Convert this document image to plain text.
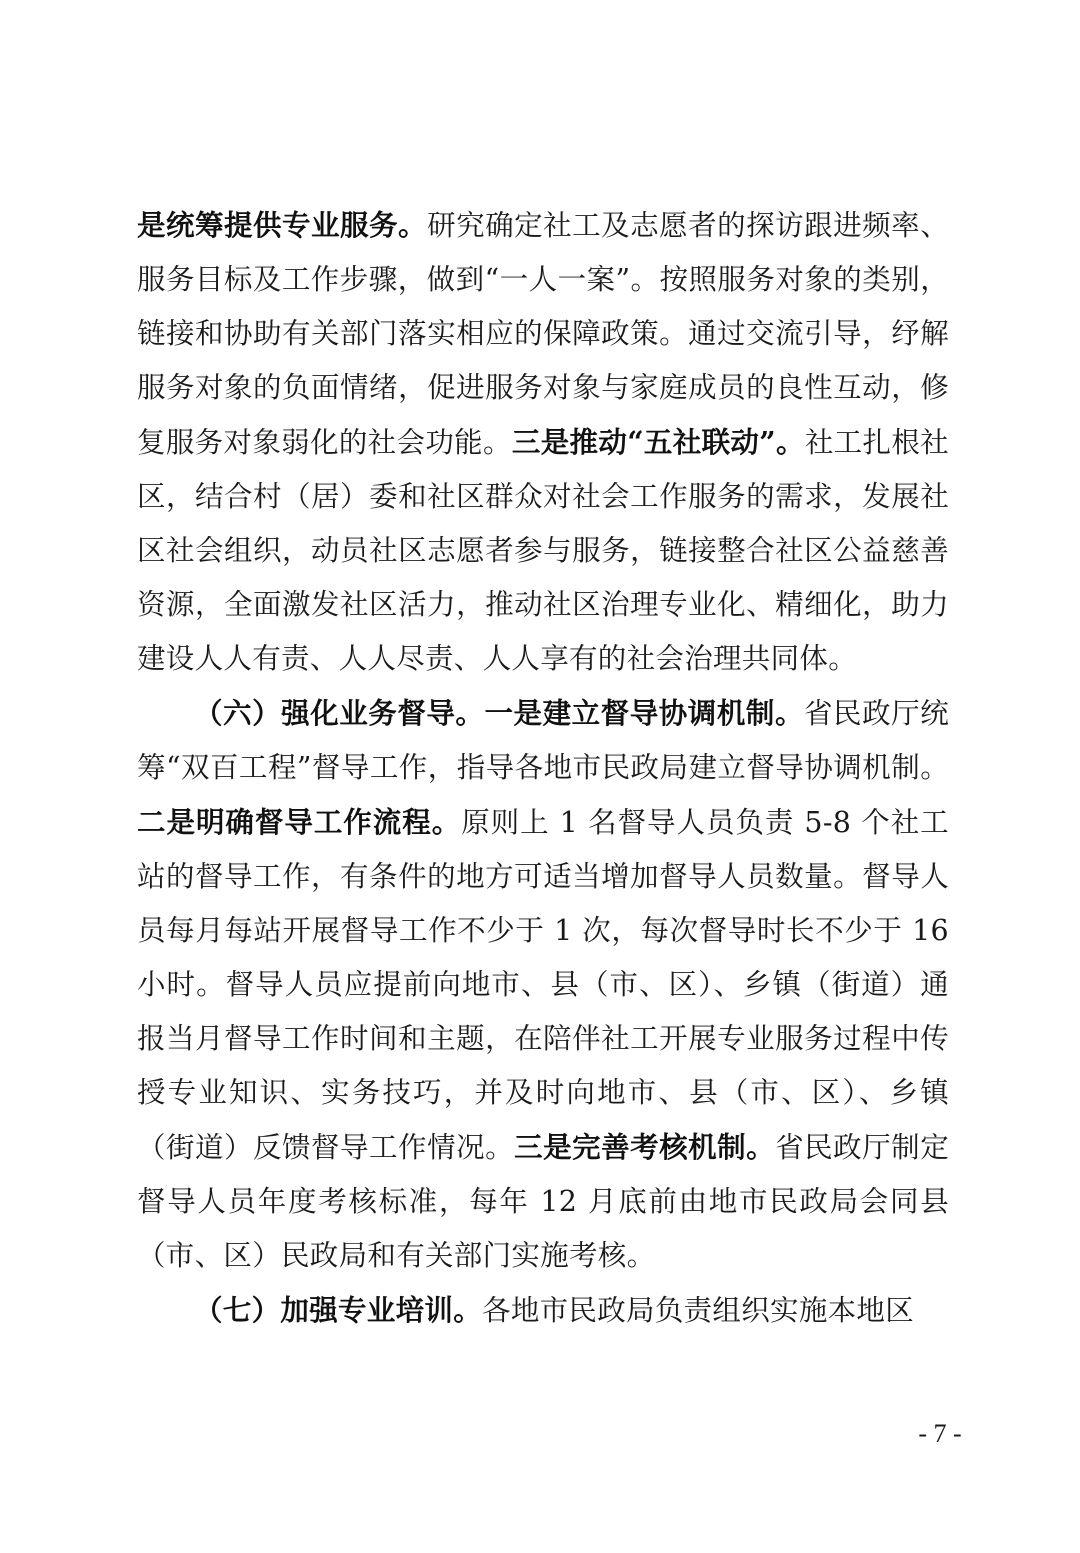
是统筹提供专业服务。研究确定社工及志愿者的探访跟进频率、服务目标及工作步骤，做到“一人一案”。按照服务对象的类别，链接和协助有关部门落实相应的保障政策。通过交流引导，纾解服务对象的负面情绪，促进服务对象与家庭成员的良性互动，修复服务对象弱化的社会功能。三是推动“五社联动”。社工扎根社区，结合村（居）委和社区群众对社会工作服务的需求，发展社区社会组织，动员社区志愿者参与服务，链接整合社区公益慈善资源，全面激发社区活力，推动社区治理专业化、精细化，助力建设人人有责、人人尽责、人人享有的社会治理共同体。

（六）强化业务督导。一是建立督导协调机制。省民政厅统筹“双百工程”督导工作，指导各地市民政局建立督导协调机制。二是明确督导工作流程。原则上 1 名督导人员负责 5-8 个社工站的督导工作，有条件的地方可适当增加督导人员数量。督导人员每月每站开展督导工作不少于 1 次，每次督导时长不少于 16 小时。督导人员应提前向地市、县（市、区）、乡镇（街道）通报当月督导工作时间和主题，在陪伴社工开展专业服务过程中传授专业知识、实务技巧，并及时向地市、县（市、区）、乡镇（街道）反馈督导工作情况。三是完善考核机制。省民政厅制定督导人员年度考核标准，每年 12 月底前由地市民政局会同县（市、区）民政局和有关部门实施考核。

（七）加强专业培训。各地市民政局负责组织实施本地区

- 7 -
